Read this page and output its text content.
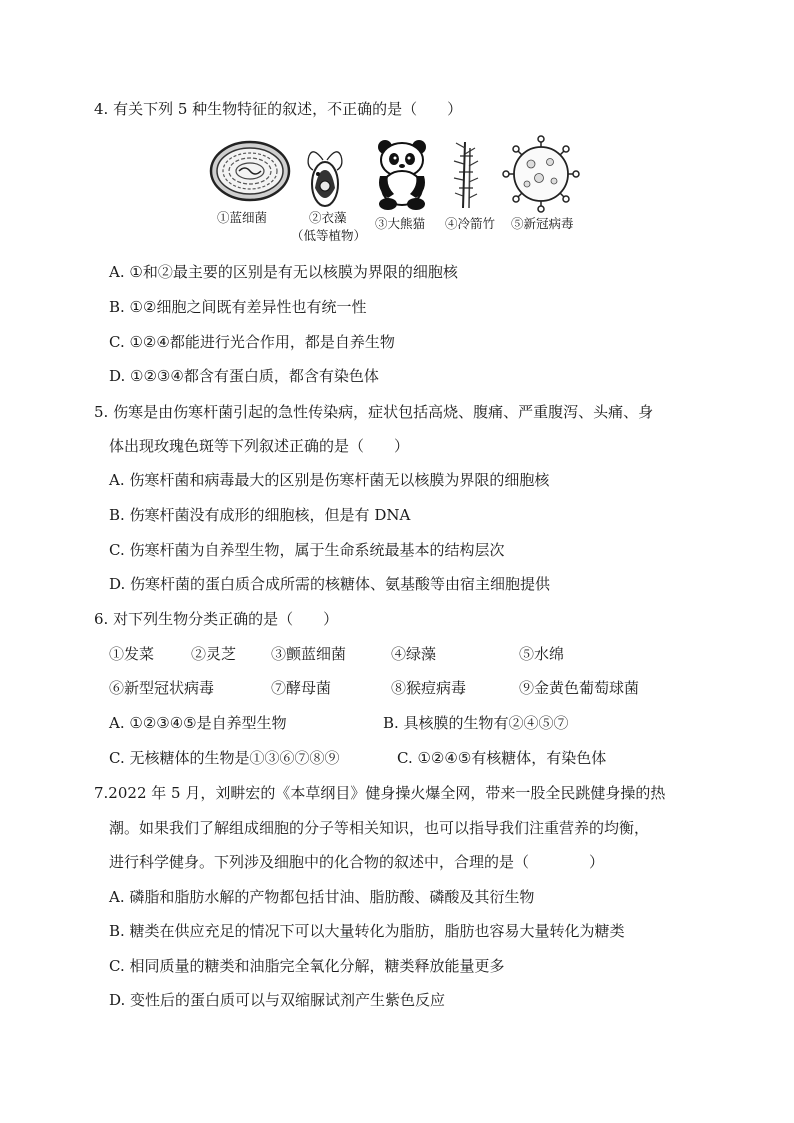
4. 有关下列 5 种生物特征的叙述，不正确的是（　　）
①蓝细菌	②衣藻
（低等植物）
③大熊猫 ④冷箭竹 ⑤新冠病毒
A. ①和②最主要的区别是有无以核膜为界限的细胞核
B. ①②细胞之间既有差异性也有统一性
C. ①②④都能进行光合作用，都是自养生物
D. ①②③④都含有蛋白质，都含有染色体
5. 伤寒是由伤寒杆菌引起的急性传染病，症状包括高烧、腹痛、严重腹泻、头痛、身
体出现玫瑰色斑等下列叙述正确的是（　　）
A. 伤寒杆菌和病毒最大的区别是伤寒杆菌无以核膜为界限的细胞核
B. 伤寒杆菌没有成形的细胞核，但是有 DNA
C. 伤寒杆菌为自养型生物，属于生命系统最基本的结构层次
D. 伤寒杆菌的蛋白质合成所需的核糖体、氨基酸等由宿主细胞提供
6. 对下列生物分类正确的是（　　）
①发菜 ②灵芝 ③颤蓝细菌	④绿藻	⑤水绵
⑥新型冠状病毒	⑦酵母菌	⑧猴痘病毒	⑨金黄色葡萄球菌
A. ①②③④⑤是自养型生物	B. 具核膜的生物有②④⑤⑦
C. 无核糖体的生物是①③⑥⑦⑧⑨	C. ①②④⑤有核糖体，有染色体
7.2022 年 5 月，刘畊宏的《本草纲目》健身操火爆全网，带来一股全民跳健身操的热
潮。如果我们了解组成细胞的分子等相关知识，也可以指导我们注重营养的均衡，
进行科学健身。下列涉及细胞中的化合物的叙述中，合理的是（　　　　）
A. 磷脂和脂肪水解的产物都包括甘油、脂肪酸、磷酸及其衍生物
B. 糖类在供应充足的情况下可以大量转化为脂肪，脂肪也容易大量转化为糖类
C. 相同质量的糖类和油脂完全氧化分解，糖类释放能量更多
D. 变性后的蛋白质可以与双缩脲试剂产生紫色反应
